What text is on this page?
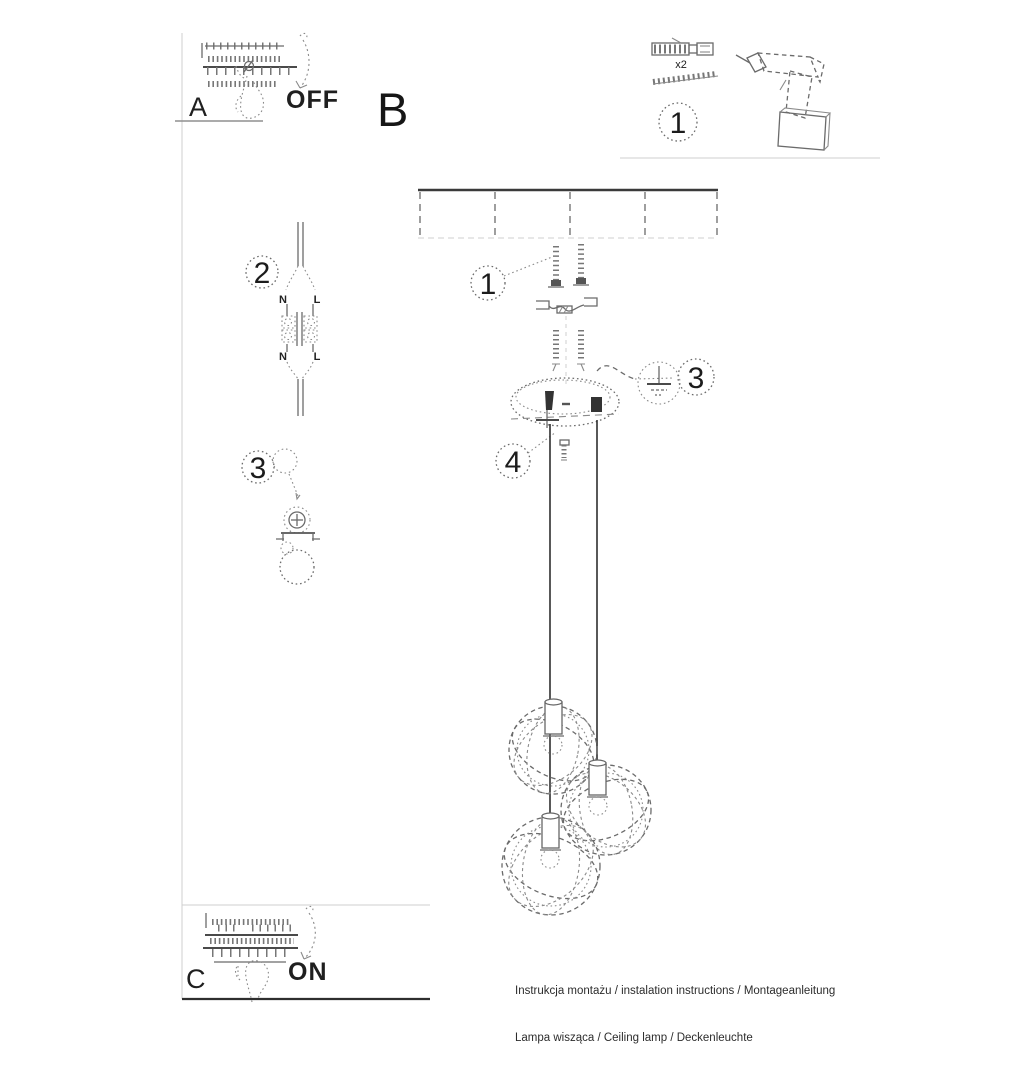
1
x2
2
3
1
3
4
N L
N L
A	OFF B
C	ON

Instrukcja montażu / instalation instructions / Montageanleitung

Lampa wisząca / Ceiling lamp / Deckenleuchte
